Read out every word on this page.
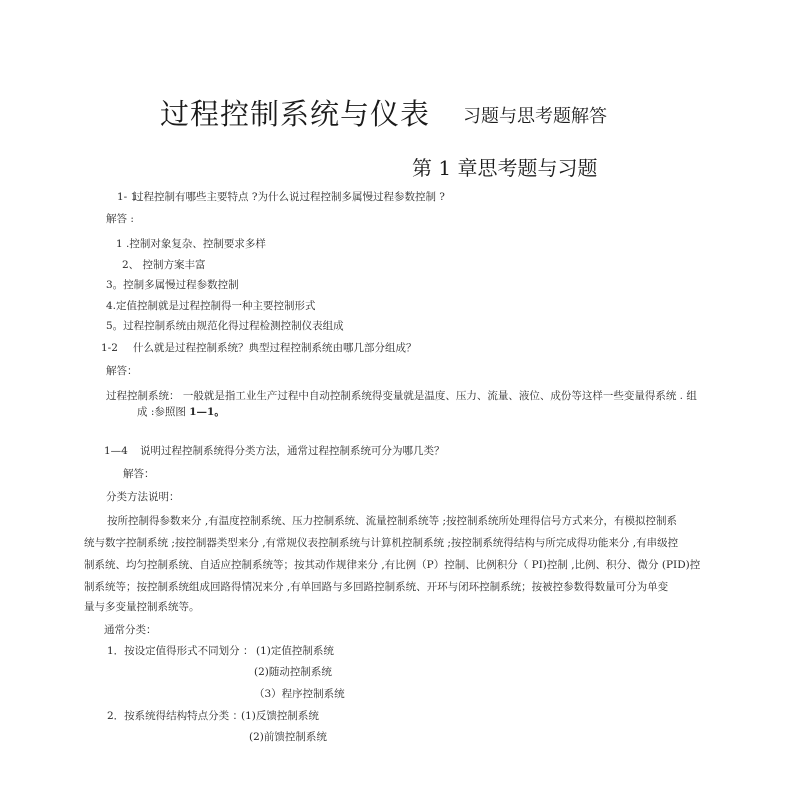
过程控制系统与仪表 习题与思考题解答
第 1 章思考题与习题
1- 1
过程控制有哪些主要特点 ?为什么说过程控制多属慢过程参数控制 ?
解答 :
1 .控制对象复杂、控制要求多样
2、 控制方案丰富
3。控制多属慢过程参数控制
4.定值控制就是过程控制得一种主要控制形式
5。过程控制系统由规范化得过程检测控制仪表组成
1-2 什么就是过程控制系统？典型过程控制系统由哪几部分组成？
解答：
过程控制系统： 一般就是指工业生产过程中自动控制系统得变量就是温度、压力、流量、液位、成份等这样一些变量得系统 . 组
成 :参照图 1—1。
1—4 说明过程控制系统得分类方法，通常过程控制系统可分为哪几类？
解答：
分类方法说明：
按所控制得参数来分 ,有温度控制系统、压力控制系统、流量控制系统等 ;按控制系统所处理得信号方式来分，有模拟控制系
统与数字控制系统 ;按控制器类型来分 ,有常规仪表控制系统与计算机控制系统 ;按控制系统得结构与所完成得功能来分 ,有串级控
制系统、均匀控制系统、自适应控制系统等；按其动作规律来分 ,有比例（P）控制、比例积分（ PI)控制 ,比例、积分、微分 (PID)控
制系统等；按控制系统组成回路得情况来分 ,有单回路与多回路控制系统、开环与闭环控制系统；按被控参数得数量可分为单变
量与多变量控制系统等。
通常分类：
1．按设定值得形式不同划分 ： (1)定值控制系统
(2)随动控制系统
（3）程序控制系统
2．按系统得结构特点分类 ：
(1)反馈控制系统
(2)前馈控制系统
